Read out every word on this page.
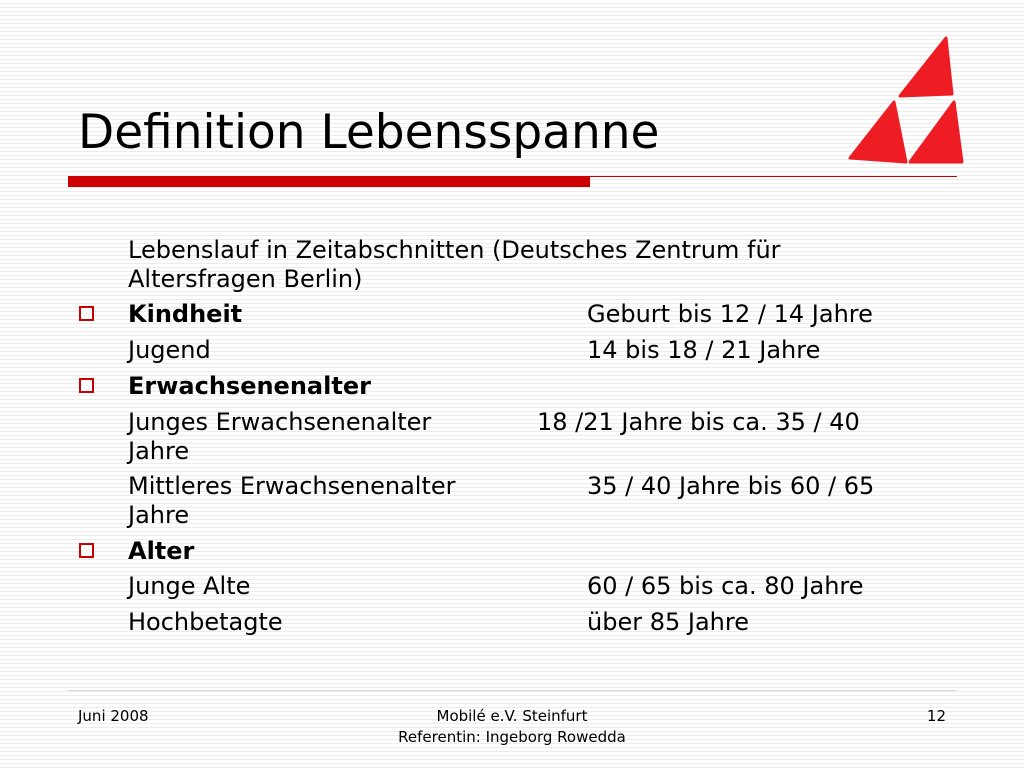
Definition Lebensspanne
Lebenslauf in Zeitabschnitten (Deutsches Zentrum für
Altersfragen Berlin)
Kindheit	Geburt bis 12 / 14 Jahre
Jugend	14 bis 18 / 21 Jahre
Erwachsenenalter
Junges Erwachsenenalter	18 /21 Jahre bis ca. 35 / 40
Jahre
Mittleres Erwachsenenalter	35 / 40 Jahre bis 60 / 65
Jahre
Alter
Junge Alte	60 / 65 bis ca. 80 Jahre
Hochbetagte	über 85 Jahre
Juni 2008	Mobilé e.V. Steinfurt
Referentin: Ingeborg Rowedda
12
